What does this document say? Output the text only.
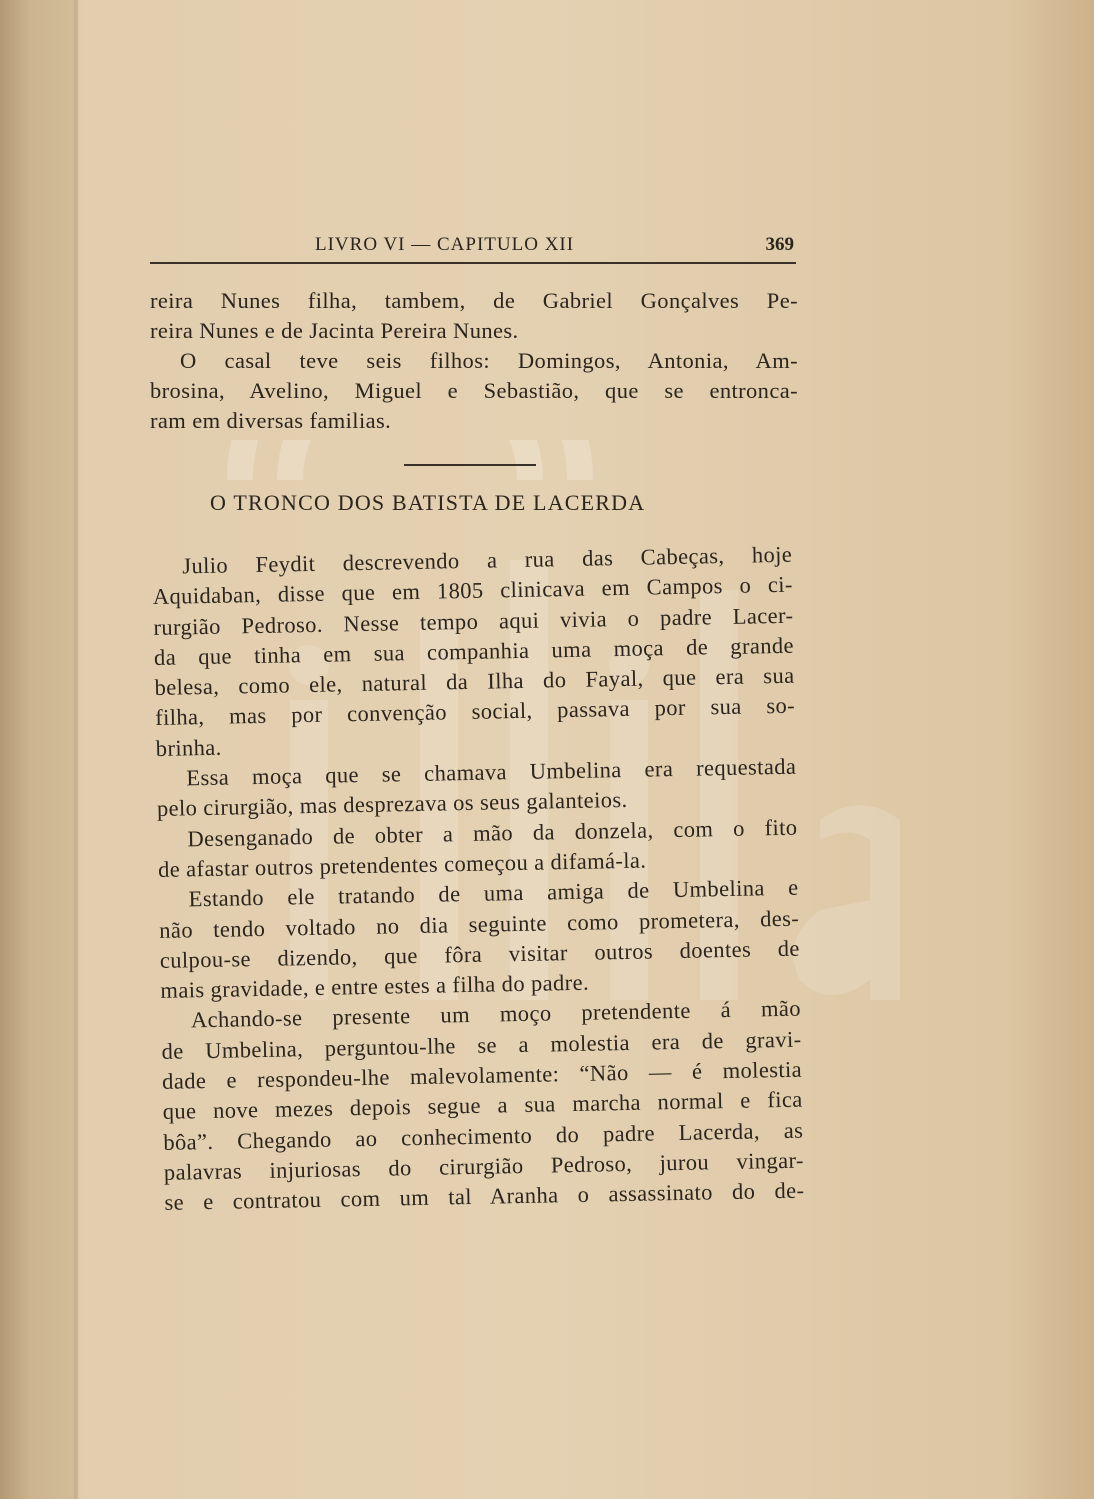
LIVRO VI — CAPITULO XII	369
reira Nunes filha, tambem, de Gabriel Gonçalves Pe-
reira Nunes e de Jacinta Pereira Nunes.
O casal teve seis filhos: Domingos, Antonia, Am-
brosina, Avelino, Miguel e Sebastião, que se entronca-
ram em diversas familias.
O TRONCO DOS BATISTA DE LACERDA
Julio Feydit descrevendo a rua das Cabeças, hoje
Aquidaban, disse que em 1805 clinicava em Campos o ci-
rurgião Pedroso. Nesse tempo aqui vivia o padre Lacer-
da que tinha em sua companhia uma moça de grande
belesa, como ele, natural da Ilha do Fayal, que era sua
filha, mas por convenção social, passava por sua so-
brinha.
Essa moça que se chamava Umbelina era requestada
pelo cirurgião, mas desprezava os seus galanteios.
Desenganado de obter a mão da donzela, com o fito
de afastar outros pretendentes começou a difamá-la.
Estando ele tratando de uma amiga de Umbelina e
não tendo voltado no dia seguinte como prometera, des-
culpou-se dizendo, que fôra visitar outros doentes de
mais gravidade, e entre estes a filha do padre.
Achando-se presente um moço pretendente á mão
de Umbelina, perguntou-lhe se a molestia era de gravi-
dade e respondeu-lhe malevolamente: “Não — é molestia
que nove mezes depois segue a sua marcha normal e fica
bôa”. Chegando ao conhecimento do padre Lacerda, as
palavras injuriosas do cirurgião Pedroso, jurou vingar-
se e contratou com um tal Aranha o assassinato do de-
